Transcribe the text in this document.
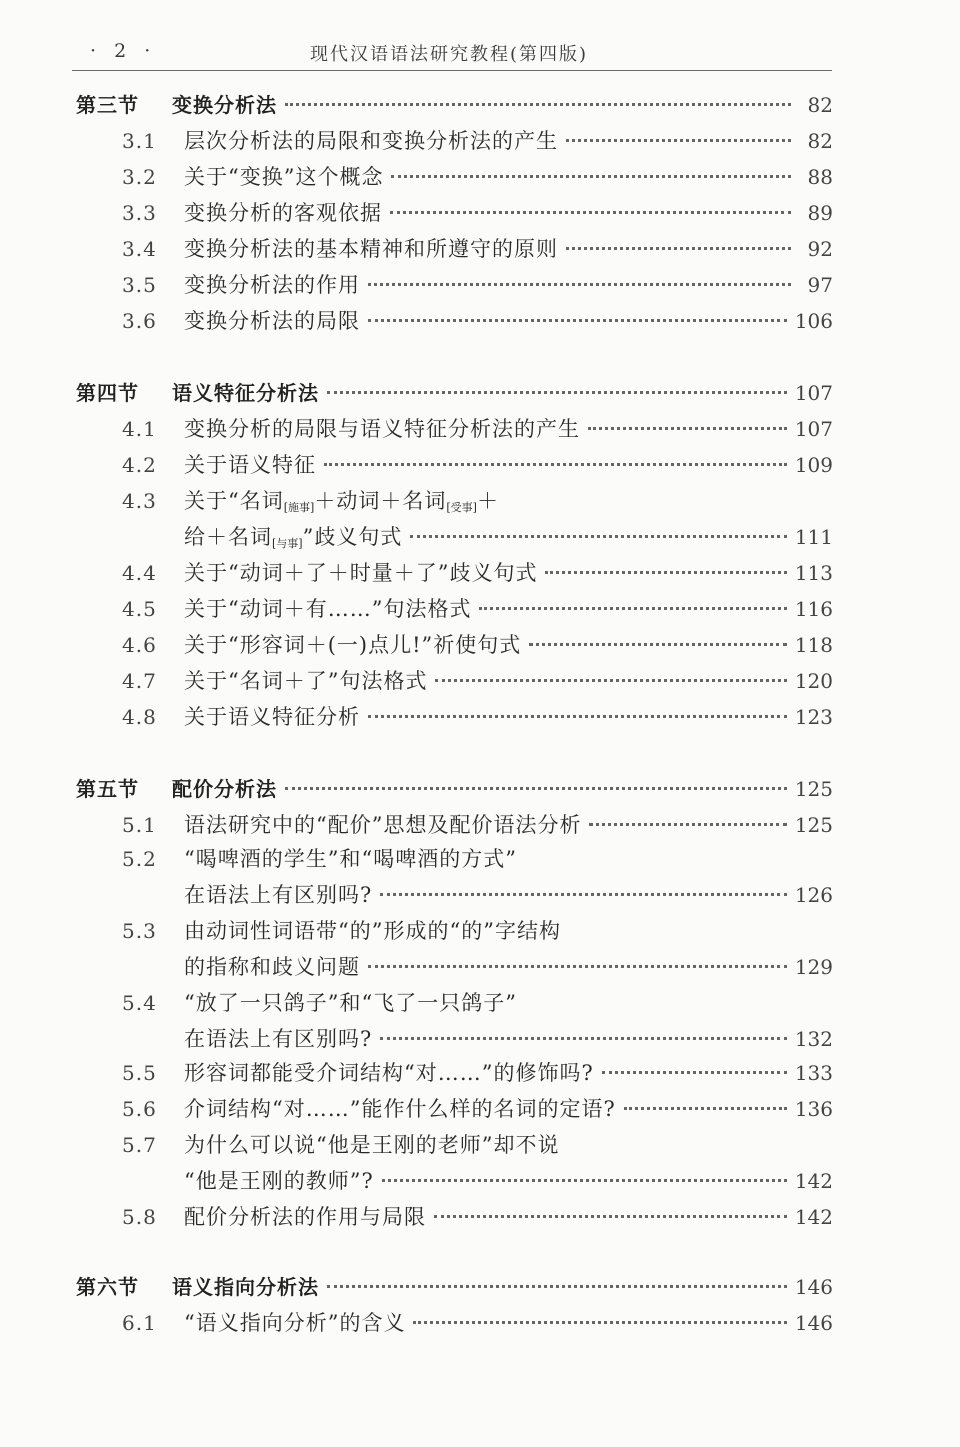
· 2 ·	现代汉语语法研究教程(第四版)
第三节	变换分析法	82
3.1	层次分析法的局限和变换分析法的产生	82
3.2	关于“变换”这个概念	88
3.3	变换分析的客观依据	89
3.4	变换分析法的基本精神和所遵守的原则	92
3.5	变换分析法的作用	97
3.6	变换分析法的局限	106
第四节	语义特征分析法	107
4.1	变换分析的局限与语义特征分析法的产生	107
4.2	关于语义特征	109
4.3	关于“名词[施事]＋动词＋名词[受事]＋
给＋名词[与事]”歧义句式	111
4.4	关于“动词＋了＋时量＋了”歧义句式	113
4.5	关于“动词＋有……”句法格式	116
4.6	关于“形容词＋(一)点儿!”祈使句式	118
4.7	关于“名词＋了”句法格式	120
4.8	关于语义特征分析	123
第五节	配价分析法	125
5.1	语法研究中的“配价”思想及配价语法分析	125
5.2	“喝啤酒的学生”和“喝啤酒的方式”
在语法上有区别吗?	126
5.3	由动词性词语带“的”形成的“的”字结构
的指称和歧义问题	129
5.4	“放了一只鸽子”和“飞了一只鸽子”
在语法上有区别吗?	132
5.5	形容词都能受介词结构“对……”的修饰吗?	133
5.6	介词结构“对……”能作什么样的名词的定语?	136
5.7	为什么可以说“他是王刚的老师”却不说
“他是王刚的教师”?	142
5.8	配价分析法的作用与局限	142
第六节	语义指向分析法	146
6.1	“语义指向分析”的含义	146
